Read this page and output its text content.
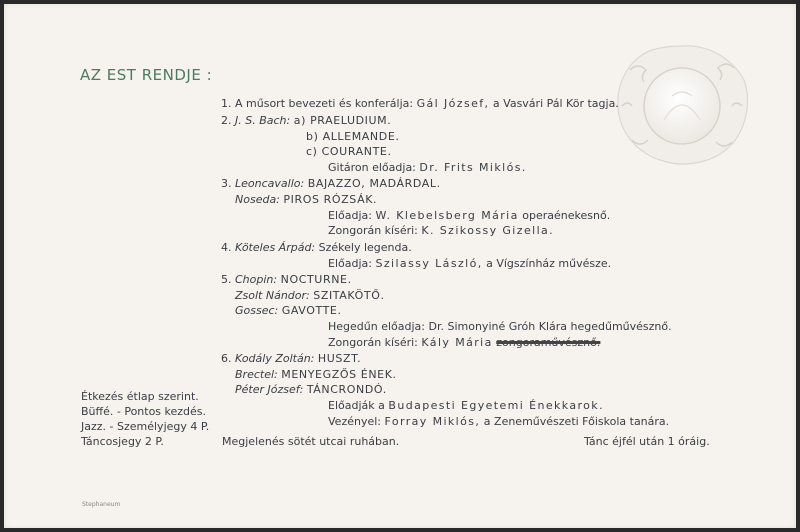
AZ EST RENDJE :
1. A műsort bevezeti és konferálja: Gál József, a Vasvári Pál Kör tagja.
2. J. S. Bach: a) PRAELUDIUM.
b) ALLEMANDE.
c) COURANTE.
Gitáron előadja: Dr. Frits Miklós.
3. Leoncavallo: BAJAZZO, MADÁRDAL.
Noseda: PIROS RÓZSÁK.
Előadja: W. Klebelsberg Mária operaénekesnő.
Zongorán kíséri: K. Szikossy Gizella.
4. Köteles Árpád: Székely legenda.
Előadja: Szilassy László, a Vígszínház művésze.
5. Chopin: NOCTURNE.
Zsolt Nándor: SZITAKÖTŐ.
Gossec: GAVOTTE.
Hegedűn előadja: Dr. Simonyiné Gróh Klára hegedűművésznő.
Zongorán kíséri: Kály Mária zongoraművésznő.
6. Kodály Zoltán: HUSZT.
Brectel: MENYEGZŐS ÉNEK.
Péter József: TÁNCRONDÓ.
Előadják a Budapesti Egyetemi Énekkarok.
Vezényel: Forray Miklós, a Zeneművészeti Főiskola tanára.
Étkezés étlap szerint.
Büffé. - Pontos kezdés.
Jazz. - Személyjegy 4 P.
Táncosjegy 2 P.	Megjelenés sötét utcai ruhában.	Tánc éjfél után 1 óráig.
Stephaneum
